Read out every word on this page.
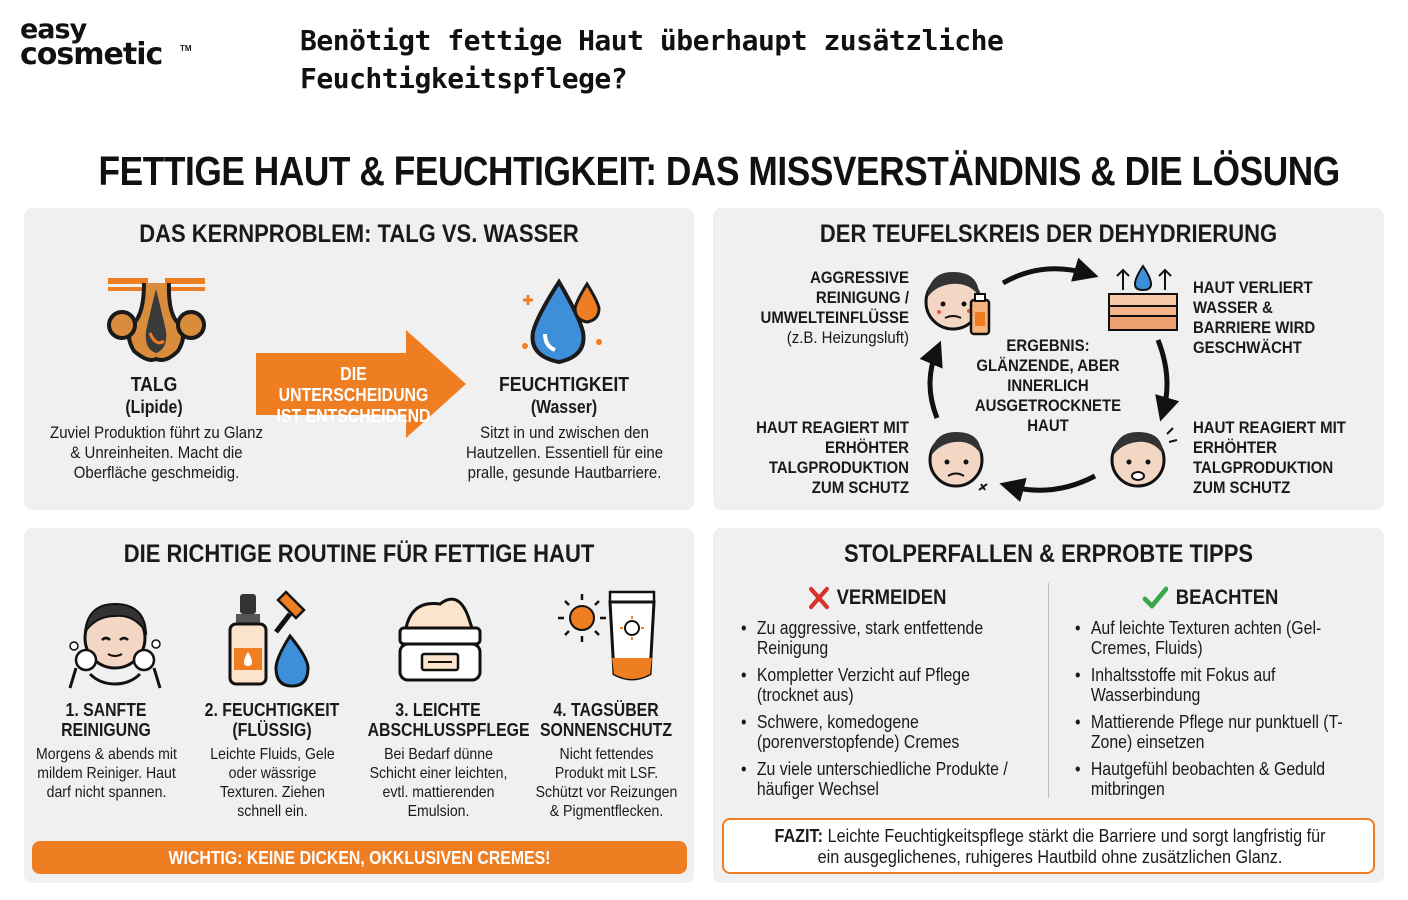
easy
cosmetic TM	Benötigt fettige Haut überhaupt zusätzliche Feuchtigkeitspflege?
FETTIGE HAUT & FEUCHTIGKEIT: DAS MISSVERSTÄNDNIS & DIE LÖSUNG
DAS KERNPROBLEM: TALG VS. WASSER
DIE UNTERSCHEIDUNG IST ENTSCHEIDEND
TALG
(Lipide)
Zuviel Produktion führt zu Glanz & Unreinheiten. Macht die Oberfläche geschmeidig.
FEUCHTIGKEIT
(Wasser)
Sitzt in und zwischen den Hautzellen. Essentiell für eine pralle, gesunde Hautbarriere.
DER TEUFELSKREIS DER DEHYDRIERUNG
AGGRESSIVE REINIGUNG / UMWELTEINFLÜSSE
(z.B. Heizungsluft)
HAUT VERLIERT WASSER & BARRIERE WIRD GESCHWÄCHT
ERGEBNIS: GLÄNZENDE, ABER INNERLICH AUSGETROCKNETE HAUT
HAUT REAGIERT MIT ERHÖHTER TALGPRODUKTION ZUM SCHUTZ
HAUT REAGIERT MIT ERHÖHTER TALGPRODUKTION ZUM SCHUTZ
DIE RICHTIGE ROUTINE FÜR FETTIGE HAUT
1. SANFTE REINIGUNG
Morgens & abends mit mildem Reiniger. Haut darf nicht spannen.
2. FEUCHTIGKEIT (FLÜSSIG)
Leichte Fluids, Gele oder wässrige Texturen. Ziehen schnell ein.
3. LEICHTE ABSCHLUSSPFLEGE
Bei Bedarf dünne Schicht einer leichten, evtl. mattierenden Emulsion.
4. TAGSÜBER SONNENSCHUTZ
Nicht fettendes Produkt mit LSF. Schützt vor Reizungen & Pigmentflecken.
WICHTIG: KEINE DICKEN, OKKLUSIVEN CREMES!
STOLPERFALLEN & ERPROBTE TIPPS
VERMEIDEN	BEACHTEN
• Zu aggressive, stark entfettende Reinigung
• Kompletter Verzicht auf Pflege (trocknet aus)
• Schwere, komedogene (porenverstopfende) Cremes
• Zu viele unterschiedliche Produkte / häufiger Wechsel
• Auf leichte Texturen achten (Gel-Cremes, Fluids)
• Inhaltsstoffe mit Fokus auf Wasserbindung
• Mattierende Pflege nur punktuell (T-Zone) einsetzen
• Hautgefühl beobachten & Geduld mitbringen
FAZIT: Leichte Feuchtigkeitspflege stärkt die Barriere und sorgt langfristig für ein ausgeglichenes, ruhigeres Hautbild ohne zusätzlichen Glanz.
